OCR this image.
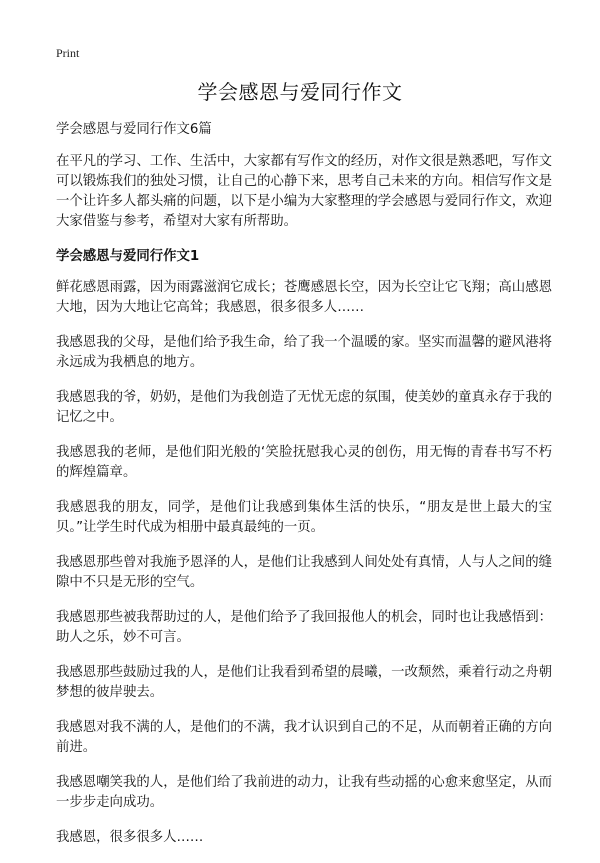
Print
学会感恩与爱同行作文

学会感恩与爱同行作文6篇

在平凡的学习、工作、生活中，大家都有写作文的经历，对作文很是熟悉吧，写作文可以锻炼我们的独处习惯，让自己的心静下来，思考自己未来的方向。相信写作文是一个让许多人都头痛的问题，以下是小编为大家整理的学会感恩与爱同行作文，欢迎大家借鉴与参考，希望对大家有所帮助。

学会感恩与爱同行作文1

鲜花感恩雨露，因为雨露滋润它成长；苍鹰感恩长空，因为长空让它飞翔；高山感恩大地，因为大地让它高耸；我感恩，很多很多人……

我感恩我的父母，是他们给予我生命，给了我一个温暖的家。坚实而温馨的避风港将永远成为我栖息的地方。

我感恩我的爷，奶奶，是他们为我创造了无忧无虑的氛围，使美妙的童真永存于我的记忆之中。

我感恩我的老师，是他们阳光般的‘笑脸抚慰我心灵的创伤，用无悔的青春书写不朽的辉煌篇章。

我感恩我的朋友，同学，是他们让我感到集体生活的快乐，“朋友是世上最大的宝贝。”让学生时代成为相册中最真最纯的一页。

我感恩那些曾对我施予恩泽的人，是他们让我感到人间处处有真情，人与人之间的缝隙中不只是无形的空气。

我感恩那些被我帮助过的人，是他们给予了我回报他人的机会，同时也让我感悟到：助人之乐，妙不可言。

我感恩那些鼓励过我的人，是他们让我看到希望的晨曦，一改颓然，乘着行动之舟朝梦想的彼岸驶去。

我感恩对我不满的人，是他们的不满，我才认识到自己的不足，从而朝着正确的方向前进。

我感恩嘲笑我的人，是他们给了我前进的动力，让我有些动摇的心愈来愈坚定，从而一步步走向成功。

我感恩，很多很多人……
